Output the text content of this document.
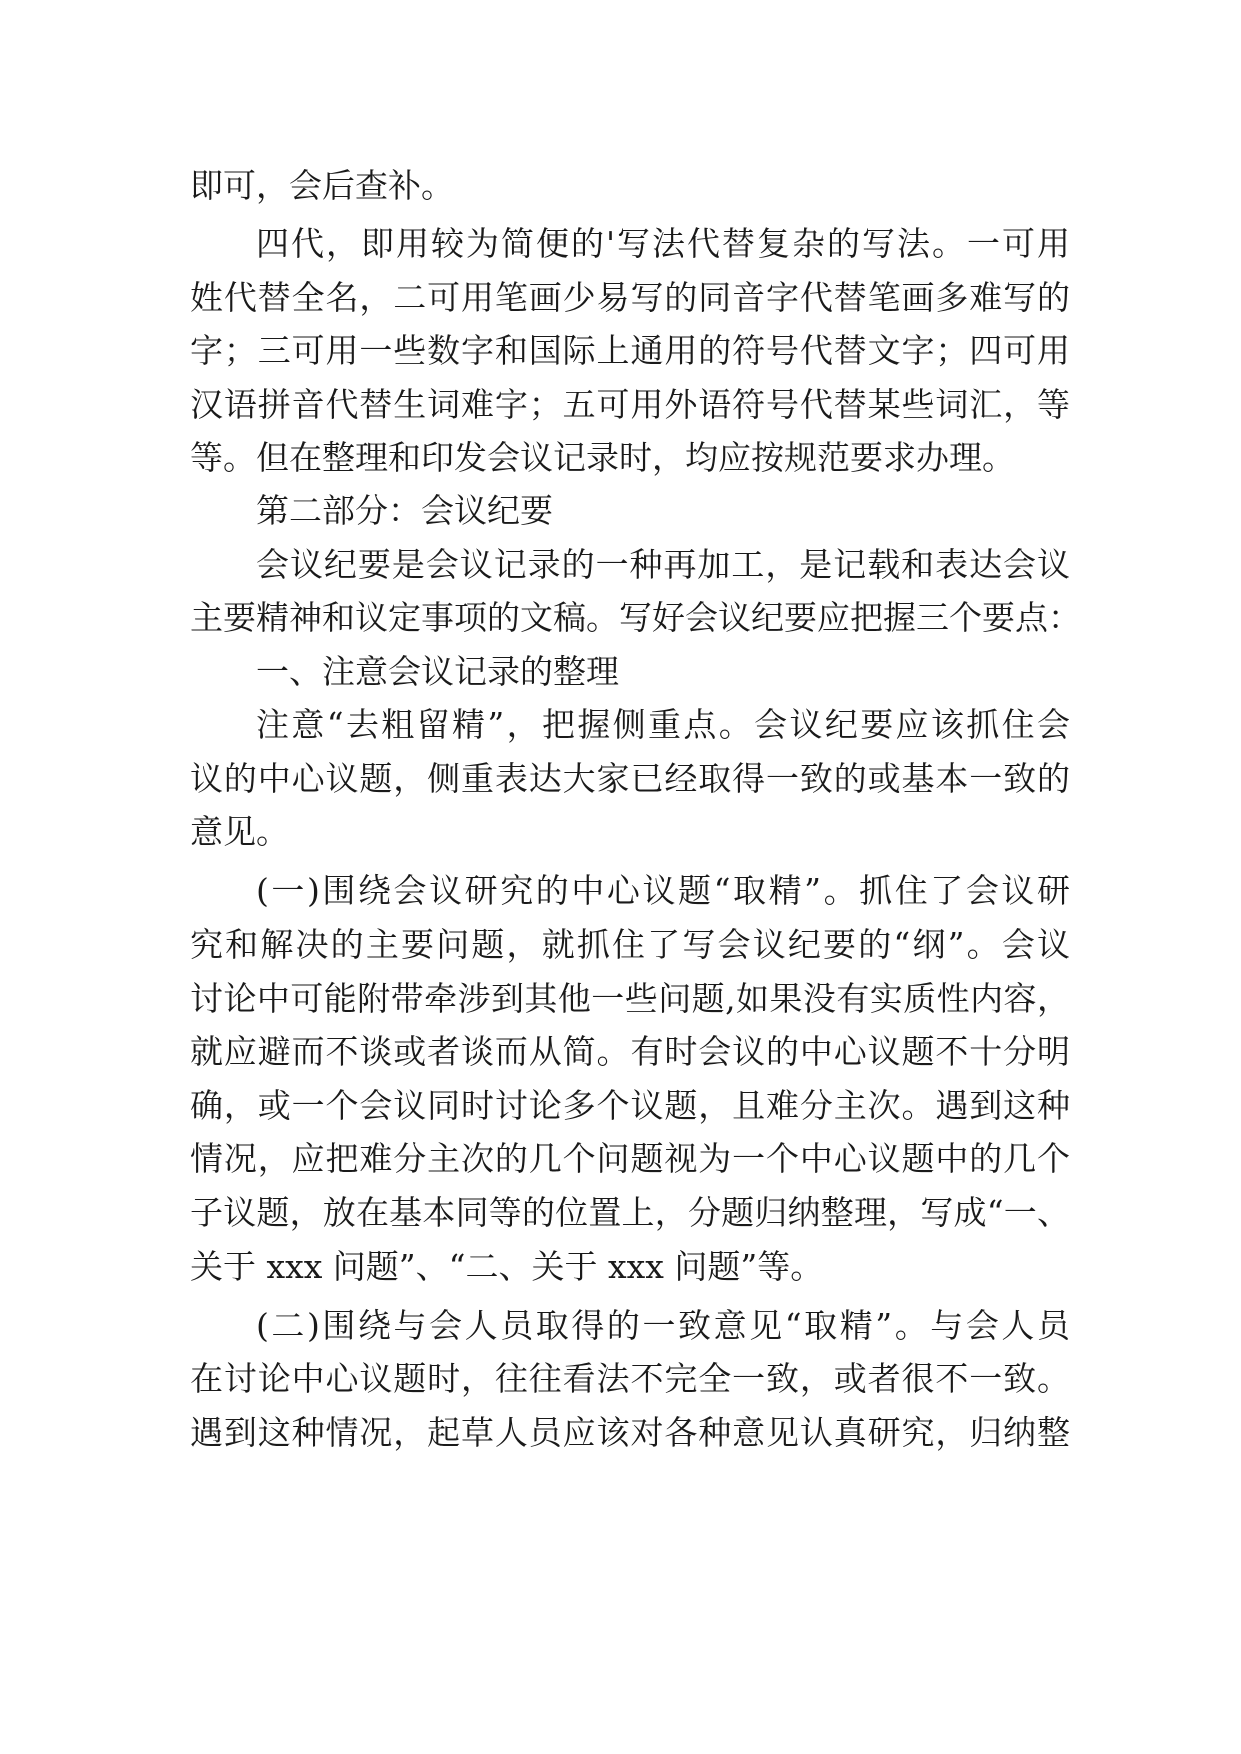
即可，会后查补。
四代，即用较为简便的'写法代替复杂的写法。一可用
姓代替全名，二可用笔画少易写的同音字代替笔画多难写的
字；三可用一些数字和国际上通用的符号代替文字；四可用
汉语拼音代替生词难字；五可用外语符号代替某些词汇，等
等。但在整理和印发会议记录时，均应按规范要求办理。
第二部分：会议纪要
会议纪要是会议记录的一种再加工，是记载和表达会议
主要精神和议定事项的文稿。写好会议纪要应把握三个要点：
一、注意会议记录的整理
注意“去粗留精”，把握侧重点。会议纪要应该抓住会
议的中心议题，侧重表达大家已经取得一致的或基本一致的
意见。
(一)围绕会议研究的中心议题“取精”。抓住了会议研
究和解决的主要问题，就抓住了写会议纪要的“纲”。会议
讨论中可能附带牵涉到其他一些问题,如果没有实质性内容，
就应避而不谈或者谈而从简。有时会议的中心议题不十分明
确，或一个会议同时讨论多个议题，且难分主次。遇到这种
情况，应把难分主次的几个问题视为一个中心议题中的几个
子议题，放在基本同等的位置上，分题归纳整理，写成“一、
关于 xxx 问题”、“二、关于 xxx 问题”等。
(二)围绕与会人员取得的一致意见“取精”。与会人员
在讨论中心议题时，往往看法不完全一致，或者很不一致。
遇到这种情况，起草人员应该对各种意见认真研究，归纳整
